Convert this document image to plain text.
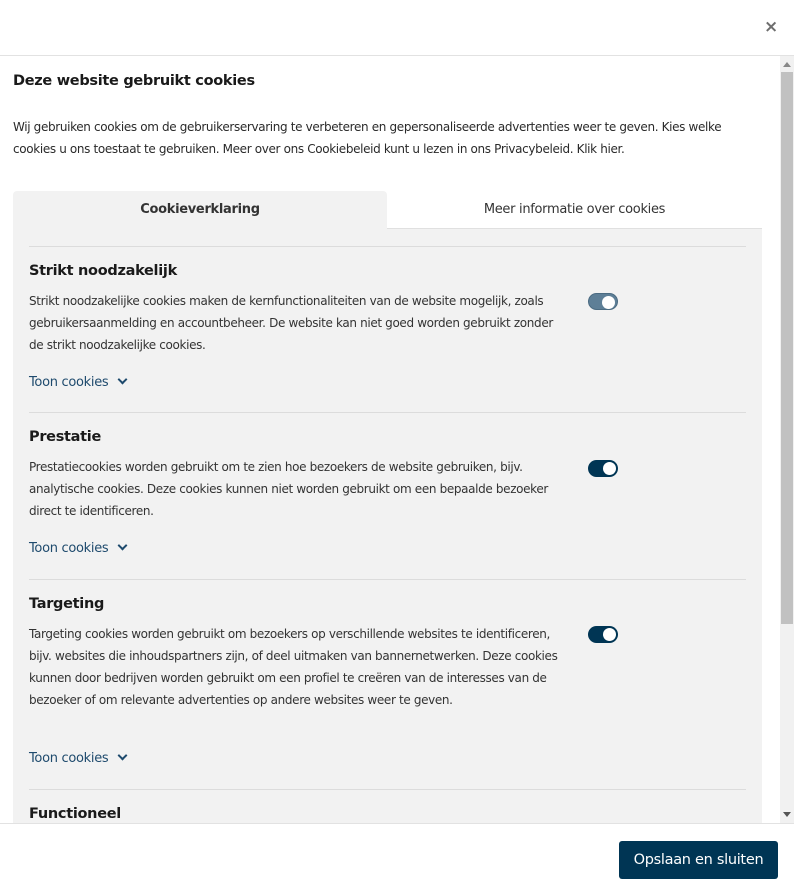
×
Deze website gebruikt cookies
Wij gebruiken cookies om de gebruikerservaring te verbeteren en gepersonaliseerde advertenties weer te geven. Kies welke cookies u ons toestaat te gebruiken. Meer over ons Cookiebeleid kunt u lezen in ons Privacybeleid. Klik hier.
Cookieverklaring	Meer informatie over cookies
Strikt noodzakelijk
Strikt noodzakelijke cookies maken de kernfunctionaliteiten van de website mogelijk, zoals gebruikersaanmelding en accountbeheer. De website kan niet goed worden gebruikt zonder de strikt noodzakelijke cookies.
Toon cookies
Prestatie
Prestatiecookies worden gebruikt om te zien hoe bezoekers de website gebruiken, bijv. analytische cookies. Deze cookies kunnen niet worden gebruikt om een bepaalde bezoeker direct te identificeren.
Toon cookies
Targeting
Targeting cookies worden gebruikt om bezoekers op verschillende websites te identificeren, bijv. websites die inhoudspartners zijn, of deel uitmaken van bannernetwerken. Deze cookies kunnen door bedrijven worden gebruikt om een profiel te creëren van de interesses van de bezoeker of om relevante advertenties op andere websites weer te geven.
Toon cookies
Functioneel
Opslaan en sluiten
